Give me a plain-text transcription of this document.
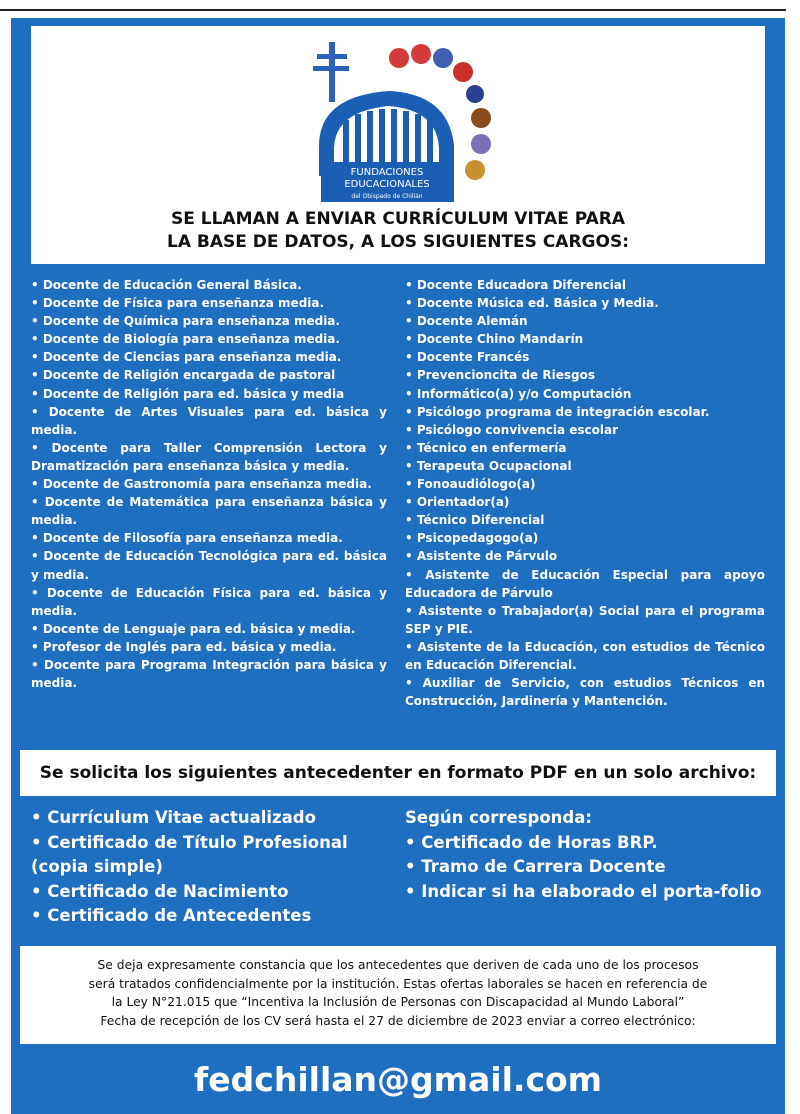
FUNDACIONES
EDUCACIONALES
del Obispado de Chillán
SE LLAMAN A ENVIAR CURRÍCULUM VITAE PARA
LA BASE DE DATOS, A LOS SIGUIENTES CARGOS:
• Docente de Educación General Básica.
• Docente de Física para enseñanza media.
• Docente de Química para enseñanza media.
• Docente de Biología para enseñanza media.
• Docente de Ciencias para enseñanza media.
• Docente de Religión encargada de pastoral
• Docente de Religión para ed. básica y media
• Docente de Artes Visuales para ed. básica y media.
• Docente para Taller Comprensión Lectora y Dramatización para enseñanza básica y media.
• Docente de Gastronomía para enseñanza media.
• Docente de Matemática para enseñanza básica y media.
• Docente de Filosofía para enseñanza media.
• Docente de Educación Tecnológica para ed. básica y media.
• Docente de Educación Física para ed. básica y media.
• Docente de Lenguaje para ed. básica y media.
• Profesor de Inglés para ed. básica y media.
• Docente para Programa Integración para básica y media.
• Docente Educadora Diferencial
• Docente Música ed. Básica y Media.
• Docente Alemán
• Docente Chino Mandarín
• Docente Francés
• Prevencioncita de Riesgos
• Informático(a) y/o Computación
• Psicólogo programa de integración escolar.
• Psicólogo convivencia escolar
• Técnico en enfermería
• Terapeuta Ocupacional
• Fonoaudiólogo(a)
• Orientador(a)
• Técnico Diferencial
• Psicopedagogo(a)
• Asistente de Párvulo
• Asistente de Educación Especial para apoyo Educadora de Párvulo
• Asistente o Trabajador(a) Social para el programa SEP y PIE.
• Asistente de la Educación, con estudios de Técnico en Educación Diferencial.
• Auxiliar de Servicio, con estudios Técnicos en Construcción, Jardinería y Mantención.
Se solicita los siguientes antecedenter en formato PDF en un solo archivo:
• Currículum Vitae actualizado
• Certificado de Título Profesional (copia simple)
• Certificado de Nacimiento
• Certificado de Antecedentes
Según corresponda:
• Certificado de Horas BRP.
• Tramo de Carrera Docente
• Indicar si ha elaborado el porta-folio
Se deja expresamente constancia que los antecedentes que deriven de cada uno de los procesos
será tratados confidencialmente por la institución. Estas ofertas laborales se hacen en referencia de
la Ley N°21.015 que “Incentiva la Inclusión de Personas con Discapacidad al Mundo Laboral”
Fecha de recepción de los CV será hasta el 27 de diciembre de 2023 enviar a correo electrónico:
fedchillan@gmail.com
